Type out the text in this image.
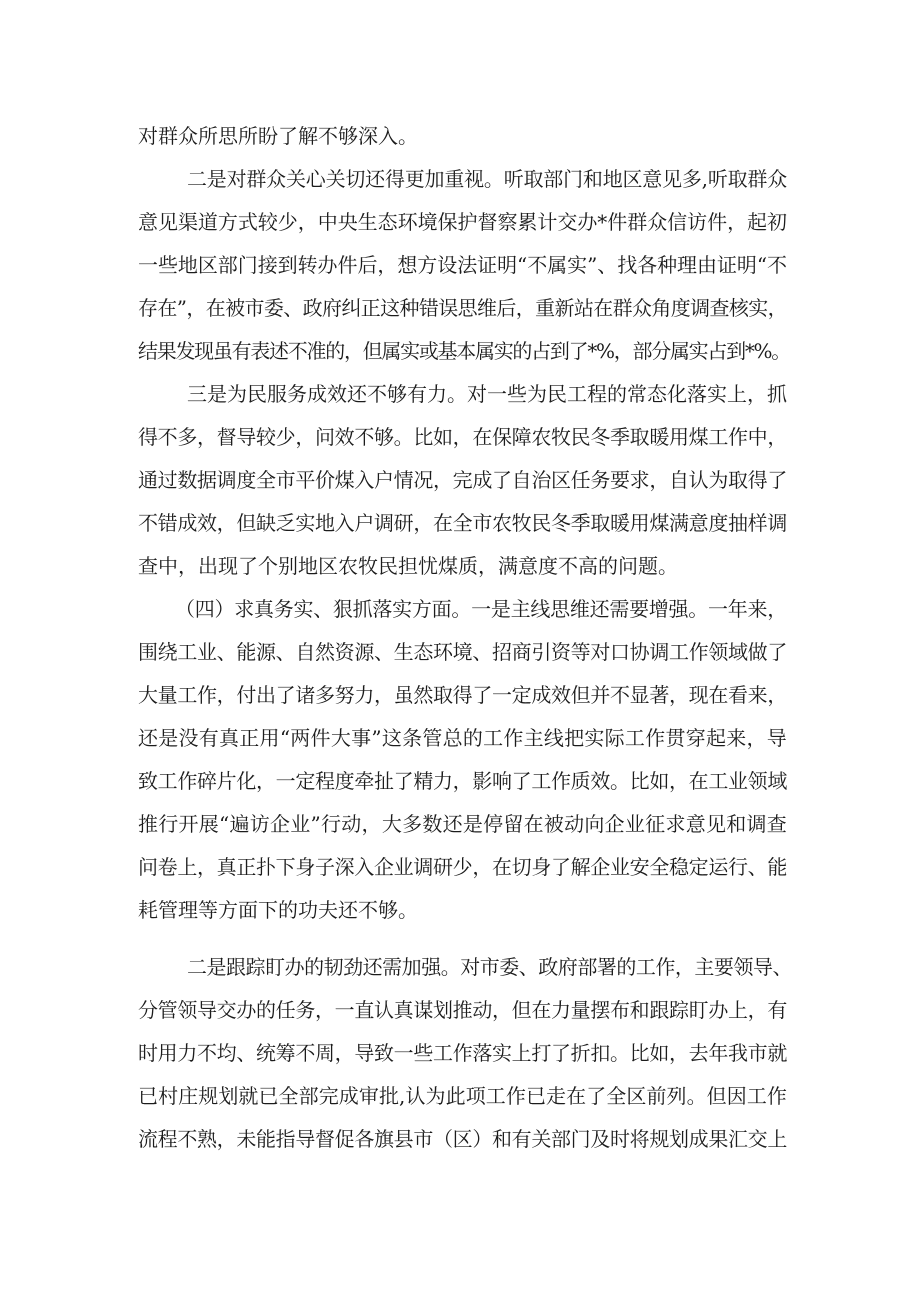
对群众所思所盼了解不够深入。

二是对群众关心关切还得更加重视。听取部门和地区意见多,听取群众

意见渠道方式较少，中央生态环境保护督察累计交办*件群众信访件，起初

一些地区部门接到转办件后，想方设法证明“不属实”、找各种理由证明“不

存在”，在被市委、政府纠正这种错误思维后，重新站在群众角度调查核实，

结果发现虽有表述不准的，但属实或基本属实的占到了*%，部分属实占到*%。

三是为民服务成效还不够有力。对一些为民工程的常态化落实上，抓

得不多，督导较少，问效不够。比如，在保障农牧民冬季取暖用煤工作中，

通过数据调度全市平价煤入户情况，完成了自治区任务要求，自认为取得了

不错成效，但缺乏实地入户调研，在全市农牧民冬季取暖用煤满意度抽样调

查中，出现了个别地区农牧民担忧煤质，满意度不高的问题。

（四）求真务实、狠抓落实方面。一是主线思维还需要增强。一年来，

围绕工业、能源、自然资源、生态环境、招商引资等对口协调工作领域做了

大量工作，付出了诸多努力，虽然取得了一定成效但并不显著，现在看来，

还是没有真正用“两件大事”这条管总的工作主线把实际工作贯穿起来，导

致工作碎片化，一定程度牵扯了精力，影响了工作质效。比如，在工业领域

推行开展“遍访企业”行动，大多数还是停留在被动向企业征求意见和调查

问卷上，真正扑下身子深入企业调研少，在切身了解企业安全稳定运行、能

耗管理等方面下的功夫还不够。

二是跟踪盯办的韧劲还需加强。对市委、政府部署的工作，主要领导、

分管领导交办的任务，一直认真谋划推动，但在力量摆布和跟踪盯办上，有

时用力不均、统筹不周，导致一些工作落实上打了折扣。比如，去年我市就

已村庄规划就已全部完成审批,认为此项工作已走在了全区前列。但因工作

流程不熟，未能指导督促各旗县市（区）和有关部门及时将规划成果汇交上
